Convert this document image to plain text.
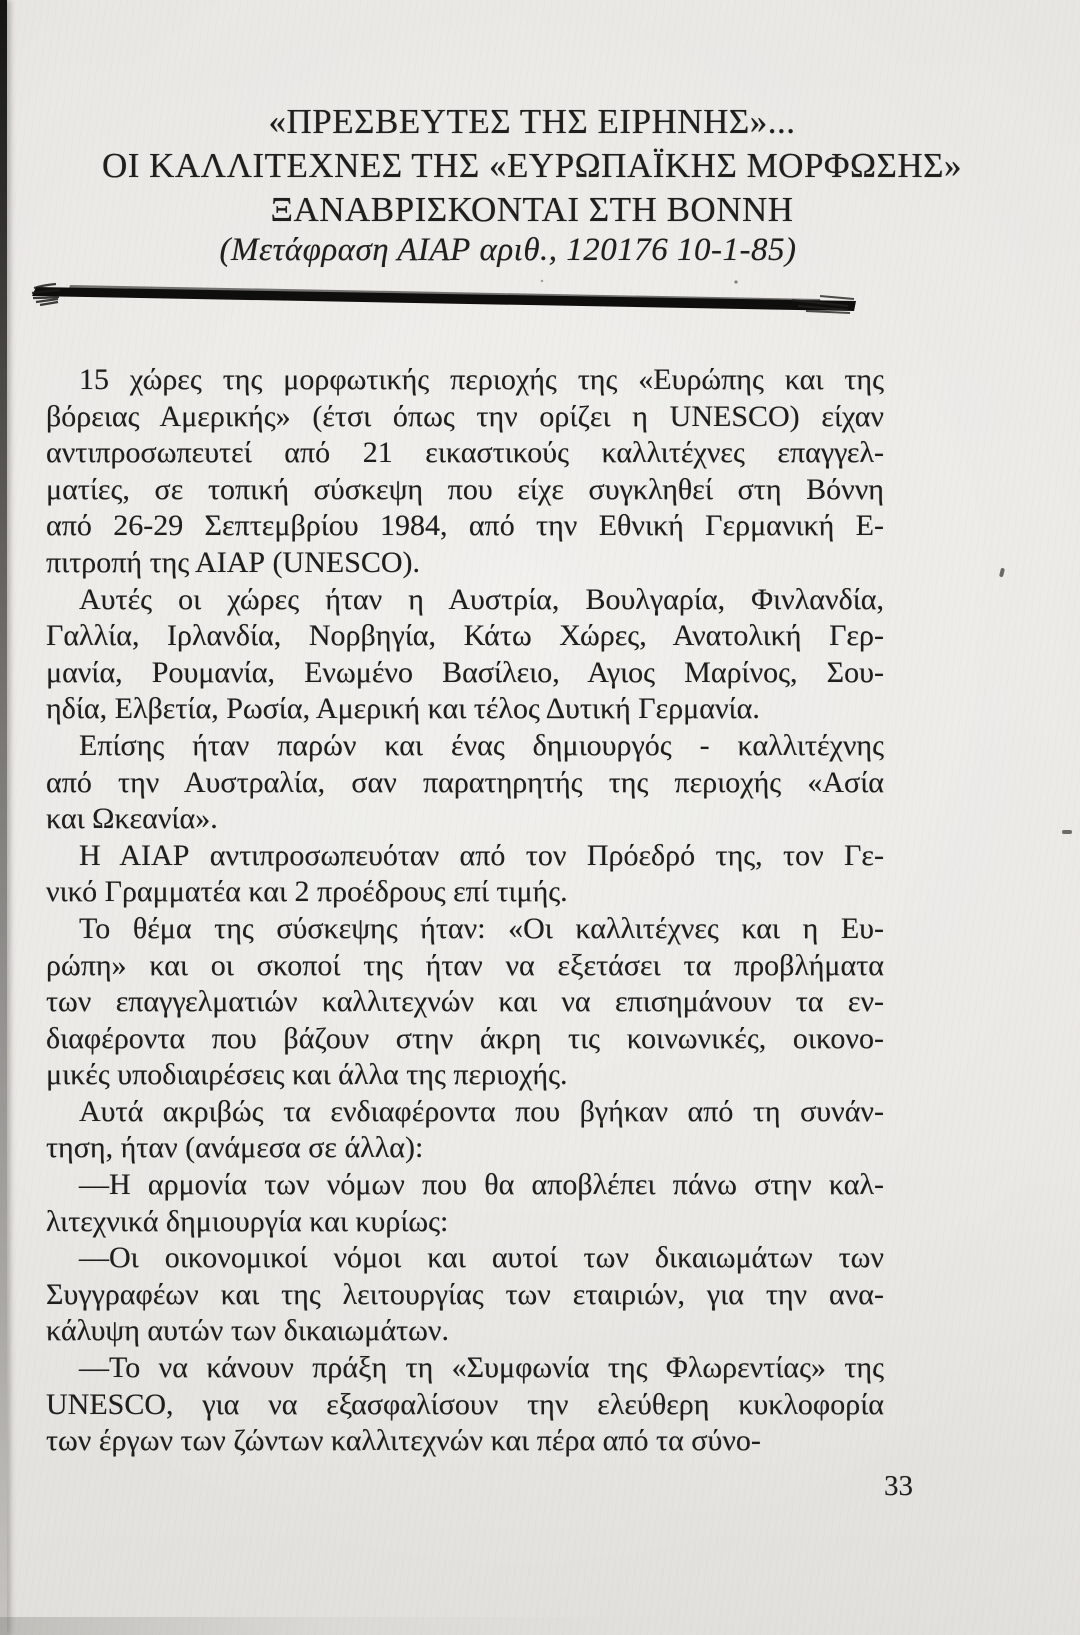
«ΠΡΕΣΒΕΥΤΕΣ ΤΗΣ ΕΙΡΗΝΗΣ»...
ΟΙ ΚΑΛΛΙΤΕΧΝΕΣ ΤΗΣ «ΕΥΡΩΠΑΪΚΗΣ ΜΟΡΦΩΣΗΣ»
ΞΑΝΑΒΡΙΣΚΟΝΤΑΙ ΣΤΗ ΒΟΝΝΗ
(Μετάφραση ΑΙΑΡ αριθ., 120176 10-1-85)
15 χώρες της μορφωτικής περιοχής της «Ευρώπης και της
βόρειας Αμερικής» (έτσι όπως την ορίζει η UNESCO) είχαν
αντιπροσωπευτεί από 21 εικαστικούς καλλιτέχνες επαγγελ-
ματίες, σε τοπική σύσκεψη που είχε συγκληθεί στη Βόννη
από 26-29 Σεπτεμβρίου 1984, από την Εθνική Γερμανική Ε-
πιτροπή της ΑΙΑΡ (UNESCO).
Αυτές οι χώρες ήταν η Αυστρία, Βουλγαρία, Φινλανδία,
Γαλλία, Ιρλανδία, Νορβηγία, Κάτω Χώρες, Ανατολική Γερ-
μανία, Ρουμανία, Ενωμένο Βασίλειο, Αγιος Μαρίνος, Σου-
ηδία, Ελβετία, Ρωσία, Αμερική και τέλος Δυτική Γερμανία.
Επίσης ήταν παρών και ένας δημιουργός - καλλιτέχνης
από την Αυστραλία, σαν παρατηρητής της περιοχής «Ασία
και Ωκεανία».
Η ΑΙΑΡ αντιπροσωπευόταν από τον Πρόεδρό της, τον Γε-
νικό Γραμματέα και 2 προέδρους επί τιμής.
Το θέμα της σύσκεψης ήταν: «Οι καλλιτέχνες και η Ευ-
ρώπη» και οι σκοποί της ήταν να εξετάσει τα προβλήματα
των επαγγελματιών καλλιτεχνών και να επισημάνουν τα εν-
διαφέροντα που βάζουν στην άκρη τις κοινωνικές, οικονο-
μικές υποδιαιρέσεις και άλλα της περιοχής.
Αυτά ακριβώς τα ενδιαφέροντα που βγήκαν από τη συνάν-
τηση, ήταν (ανάμεσα σε άλλα):
—Η αρμονία των νόμων που θα αποβλέπει πάνω στην καλ-
λιτεχνικά δημιουργία και κυρίως:
—Οι οικονομικοί νόμοι και αυτοί των δικαιωμάτων των
Συγγραφέων και της λειτουργίας των εταιριών, για την ανα-
κάλυψη αυτών των δικαιωμάτων.
—Το να κάνουν πράξη τη «Συμφωνία της Φλωρεντίας» της
UNESCO, για να εξασφαλίσουν την ελεύθερη κυκλοφορία
των έργων των ζώντων καλλιτεχνών και πέρα από τα σύνο-
33
